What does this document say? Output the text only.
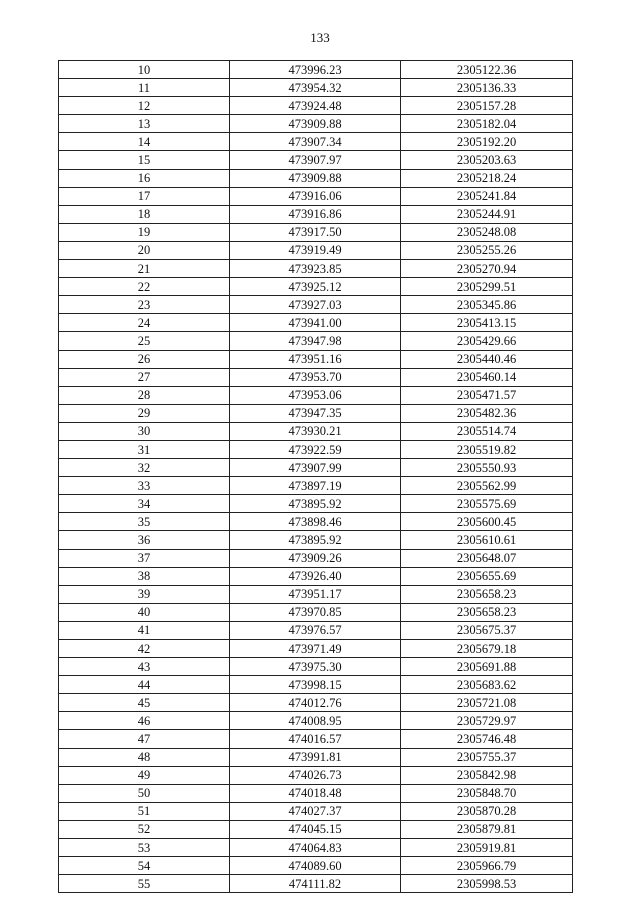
133
10	473996.23	2305122.36
11	473954.32	2305136.33
12	473924.48	2305157.28
13	473909.88	2305182.04
14	473907.34	2305192.20
15	473907.97	2305203.63
16	473909.88	2305218.24
17	473916.06	2305241.84
18	473916.86	2305244.91
19	473917.50	2305248.08
20	473919.49	2305255.26
21	473923.85	2305270.94
22	473925.12	2305299.51
23	473927.03	2305345.86
24	473941.00	2305413.15
25	473947.98	2305429.66
26	473951.16	2305440.46
27	473953.70	2305460.14
28	473953.06	2305471.57
29	473947.35	2305482.36
30	473930.21	2305514.74
31	473922.59	2305519.82
32	473907.99	2305550.93
33	473897.19	2305562.99
34	473895.92	2305575.69
35	473898.46	2305600.45
36	473895.92	2305610.61
37	473909.26	2305648.07
38	473926.40	2305655.69
39	473951.17	2305658.23
40	473970.85	2305658.23
41	473976.57	2305675.37
42	473971.49	2305679.18
43	473975.30	2305691.88
44	473998.15	2305683.62
45	474012.76	2305721.08
46	474008.95	2305729.97
47	474016.57	2305746.48
48	473991.81	2305755.37
49	474026.73	2305842.98
50	474018.48	2305848.70
51	474027.37	2305870.28
52	474045.15	2305879.81
53	474064.83	2305919.81
54	474089.60	2305966.79
55	474111.82	2305998.53
